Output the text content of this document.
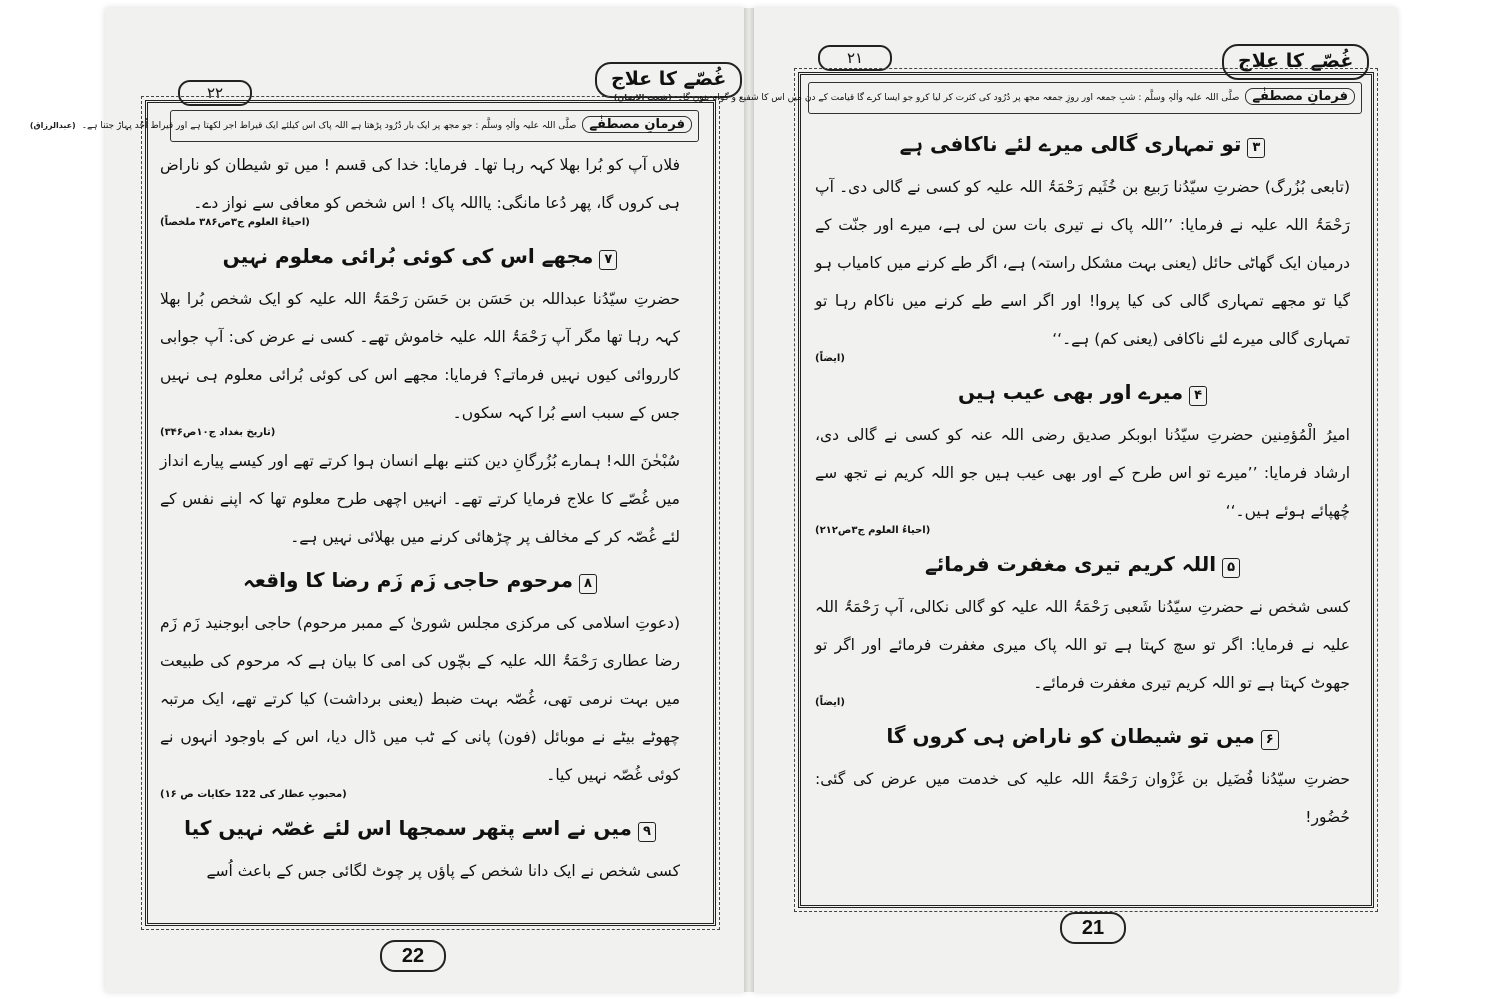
۲۲
غُصّے کا علاج
فرمانِ مصطفٰےصلَّی اللہ علیہ واٰلہٖ وسلَّم : جو مجھ پر ایک بار دُرُود پڑھتا ہے اللہ پاک اس کیلئے ایک قیراط اجر لکھتا ہے اور قیراط اُحُد پہاڑ جتنا ہے۔(عبدالرزاق)

فلاں آپ کو بُرا بھلا کہہ رہا تھا۔ فرمایا: خدا کی قسم ! میں تو شیطان کو ناراض ہی کروں گا، پھر دُعا مانگی: یااللہ پاک ! اس شخص کو معافی سے نواز دے۔

(احیاءُ العلوم ج۳ص۳۸۶ ملخصاً)
۷مجھے اس کی کوئی بُرائی معلوم نہیں

حضرتِ سیّدُنا عبداللہ بن حَسَن بن حَسَن رَحْمَۃُ اللہ علیہ کو ایک شخص بُرا بھلا کہہ رہا تھا مگر آپ رَحْمَۃُ اللہ علیہ خاموش تھے۔ کسی نے عرض کی: آپ جوابی کارروائی کیوں نہیں فرماتے؟ فرمایا: مجھے اس کی کوئی بُرائی معلوم ہی نہیں جس کے سبب اسے بُرا کہہ سکوں۔

(تاریخ بغداد ج۱۰ص۳۴۶)

سُبْحٰنَ اللہ! ہمارے بُزُرگانِ دین کتنے بھلے انسان ہوا کرتے تھے اور کیسے پیارے انداز میں غُصّے کا علاج فرمایا کرتے تھے۔ انہیں اچھی طرح معلوم تھا کہ اپنے نفس کے لئے غُصّہ کر کے مخالف پر چڑھائی کرنے میں بھلائی نہیں ہے۔

۸مرحوم حاجی زَم زَم رضا کا واقعہ

(دعوتِ اسلامی کی مرکزی مجلس شوریٰ کے ممبر مرحوم) حاجی ابوجنید زَم زَم رضا عطاری رَحْمَۃُ اللہ علیہ کے بچّوں کی امی کا بیان ہے کہ مرحوم کی طبیعت میں بہت نرمی تھی، غُصّہ بہت ضبط (یعنی برداشت) کیا کرتے تھے، ایک مرتبہ چھوٹے بیٹے نے موبائل (فون) پانی کے ٹب میں ڈال دیا، اس کے باوجود انہوں نے کوئی غُصّہ نہیں کیا۔

(محبوبِ عطار کی 122 حکایات ص ۱۶)
۹میں نے اسے پتھر سمجھا اس لئے غصّہ نہیں کیا

کسی شخص نے ایک دانا شخص کے پاؤں پر چوٹ لگائی جس کے باعث اُسے

22
غُصّے کا علاج
۲۱
فرمانِ مصطفٰےصلَّی اللہ علیہ واٰلہٖ وسلَّم : شبِ جمعہ اور روزِ جمعہ مجھ پر دُرُود کی کثرت کر لیا کرو جو ایسا کرے گا قیامت کے دن میں اس کا شفیع و گواہ بنوں گا۔(شعب الایمان)
۳تو تمہاری گالی میرے لئے ناکافی ہے

(تابعی بُزُرگ) حضرتِ سیّدُنا رَبیع بن خُثَیم رَحْمَۃُ اللہ علیہ کو کسی نے گالی دی۔ آپ رَحْمَۃُ اللہ علیہ نے فرمایا: ’’اللہ پاک نے تیری بات سن لی ہے، میرے اور جنّت کے درمیان ایک گھاٹی حائل (یعنی بہت مشکل راستہ) ہے، اگر طے کرنے میں کامیاب ہو گیا تو مجھے تمہاری گالی کی کیا پروا! اور اگر اسے طے کرنے میں ناکام رہا تو تمہاری گالی میرے لئے ناکافی (یعنی کم) ہے۔‘‘

(ایضاً)
۴میرے اور بھی عیب ہیں

امیرُ الْمُؤمِنین حضرتِ سیّدُنا ابوبکر صدیق رضی اللہ عنہ کو کسی نے گالی دی، ارشاد فرمایا: ’’میرے تو اس طرح کے اور بھی عیب ہیں جو اللہ کریم نے تجھ سے چُھپائے ہوئے ہیں۔‘‘

(احیاءُ العلوم ج۳ص۲۱۲)
۵اللہ کریم تیری مغفرت فرمائے

کسی شخص نے حضرتِ سیّدُنا شَعبی رَحْمَۃُ اللہ علیہ کو گالی نکالی، آپ رَحْمَۃُ اللہ علیہ نے فرمایا: اگر تو سچ کہتا ہے تو اللہ پاک میری مغفرت فرمائے اور اگر تو جھوٹ کہتا ہے تو اللہ کریم تیری مغفرت فرمائے۔

(ایضاً)
۶میں تو شیطان کو ناراض ہی کروں گا

حضرتِ سیّدُنا فُضَیل بن غَزْوان رَحْمَۃُ اللہ علیہ کی خدمت میں عرض کی گئی: حُضُور!

21
